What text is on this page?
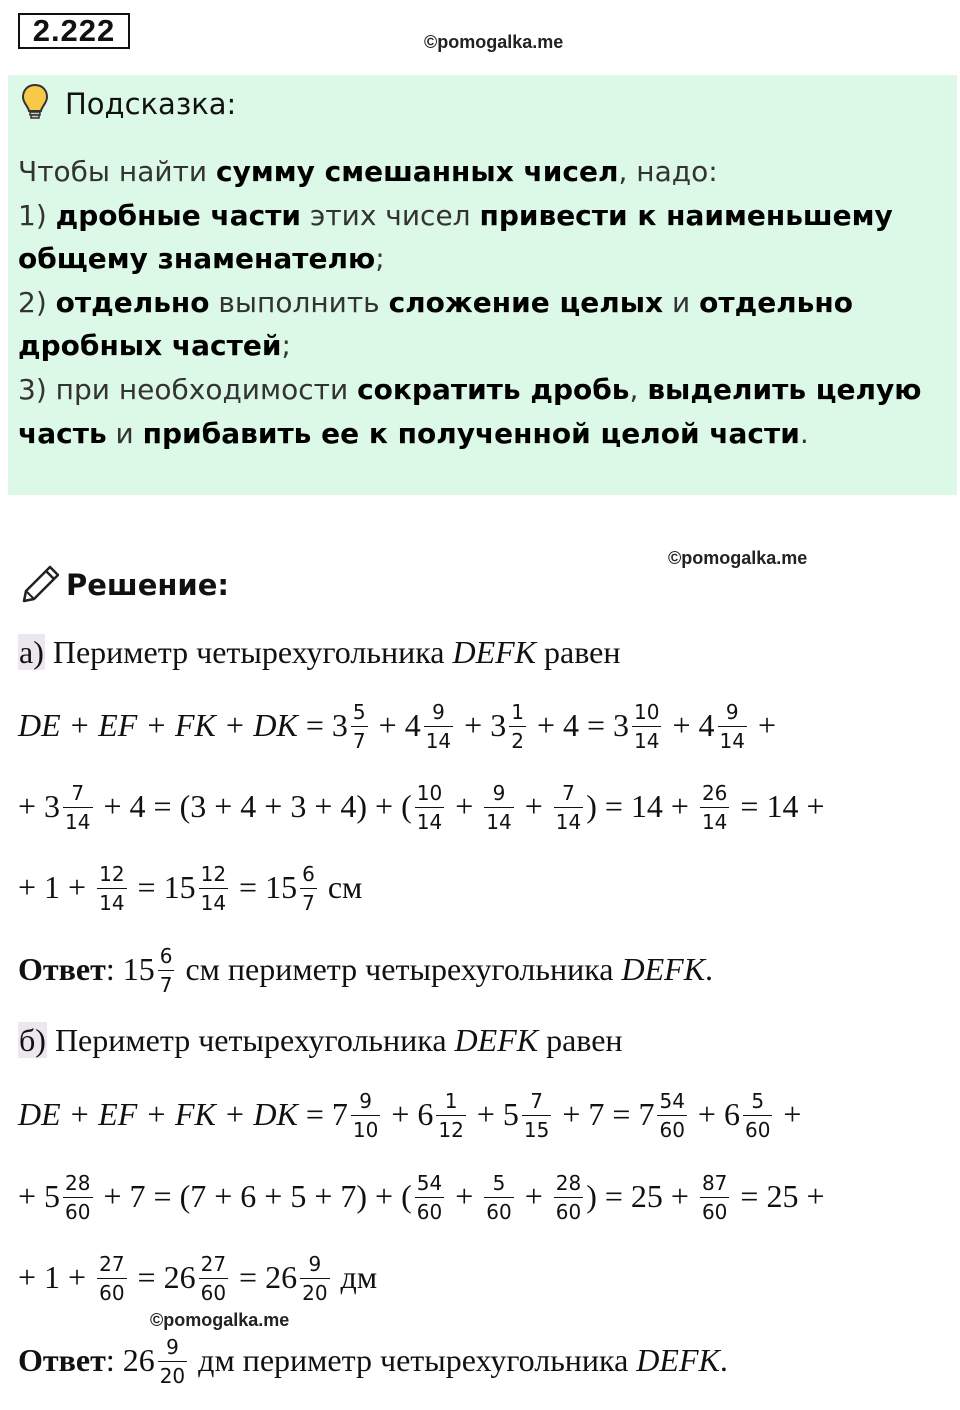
2.222	©pomogalka.me
Подсказка:
Чтобы найти сумму смешанных чисел, надо:
1) дробные части этих чисел привести к наименьшему общему знаменателю;
2) отдельно выполнить сложение целых и отдельно дробных частей;
3) при необходимости сократить дробь, выделить целую часть и прибавить ее к полученной целой части.
©pomogalka.me
Решение:
а) Периметр четырехугольника DEFK равен
DE + EF + FK + DK = $3 \frac{5}{7} + 4 \frac{9}{14} + 3 \frac{1}{2} + 4 = 3 \frac{10}{14} + 4 \frac{9}{14}$ +
+ $3 \frac{7}{14} + 4 = (3 + 4 + 3 + 4)$ + ( $\frac{10}{14} + \frac{9}{14} + \frac{7}{14}$ ) = $14 + \frac{26}{14} = 14$ +
+ $1 + \frac{12}{14} = 15 \frac{12}{14} = 15 \frac{6}{7}$ см
Ответ: $15 \frac{6}{7}$ см периметр четырехугольника DEFK.
б) Периметр четырехугольника DEFK равен
DE + EF + FK + DK = $7 \frac{9}{10} + 6 \frac{1}{12} + 5 \frac{7}{15} + 7 = 7 \frac{54}{60} + 6 \frac{5}{60}$ +
+ $5 \frac{28}{60} + 7 = (7 + 6 + 5 + 7)$ + ( $\frac{54}{60} + \frac{5}{60} + \frac{28}{60}$ ) = $25 + \frac{87}{60} = 25$ +
+ $1 + \frac{27}{60} = 26 \frac{27}{60} = 26 \frac{9}{20}$ дм
©pomogalka.me
Ответ: $26 \frac{9}{20}$ дм периметр четырехугольника DEFK.
